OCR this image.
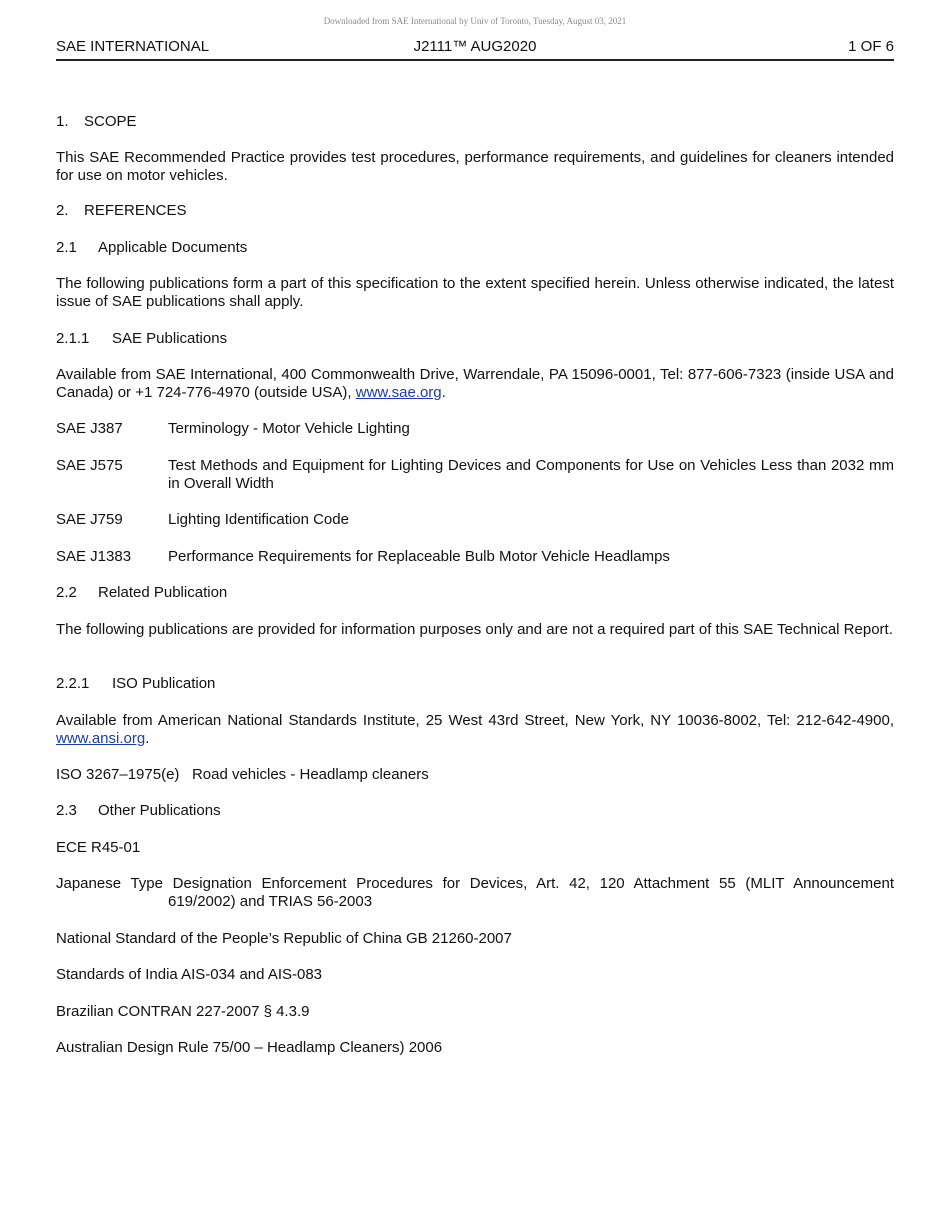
Downloaded from SAE International by Univ of Toronto, Tuesday, August 03, 2021
SAE INTERNATIONAL	J2111™ AUG2020	1 OF 6
1. SCOPE
This SAE Recommended Practice provides test procedures, performance requirements, and guidelines for cleaners intended for use on motor vehicles.
2. REFERENCES
2.1 Applicable Documents
The following publications form a part of this specification to the extent specified herein. Unless otherwise indicated, the latest issue of SAE publications shall apply.
2.1.1 SAE Publications
Available from SAE International, 400 Commonwealth Drive, Warrendale, PA 15096-0001, Tel: 877-606-7323 (inside USA and Canada) or +1 724-776-4970 (outside USA), www.sae.org.
SAE J387	Terminology - Motor Vehicle Lighting
SAE J575	Test Methods and Equipment for Lighting Devices and Components for Use on Vehicles Less than 2032 mm in Overall Width
SAE J759	Lighting Identification Code
SAE J1383 Performance Requirements for Replaceable Bulb Motor Vehicle Headlamps
2.2 Related Publication
The following publications are provided for information purposes only and are not a required part of this SAE Technical Report.
2.2.1 ISO Publication
Available from American National Standards Institute, 25 West 43rd Street, New York, NY 10036-8002, Tel: 212-642-4900, www.ansi.org.
ISO 3267–1975(e) Road vehicles - Headlamp cleaners
2.3 Other Publications
ECE R45-01
Japanese Type Designation Enforcement Procedures for Devices, Art. 42, 120 Attachment 55 (MLIT Announcement 619/2002) and TRIAS 56-2003
National Standard of the People’s Republic of China GB 21260-2007
Standards of India AIS-034 and AIS-083
Brazilian CONTRAN 227-2007 § 4.3.9
Australian Design Rule 75/00 – Headlamp Cleaners) 2006
